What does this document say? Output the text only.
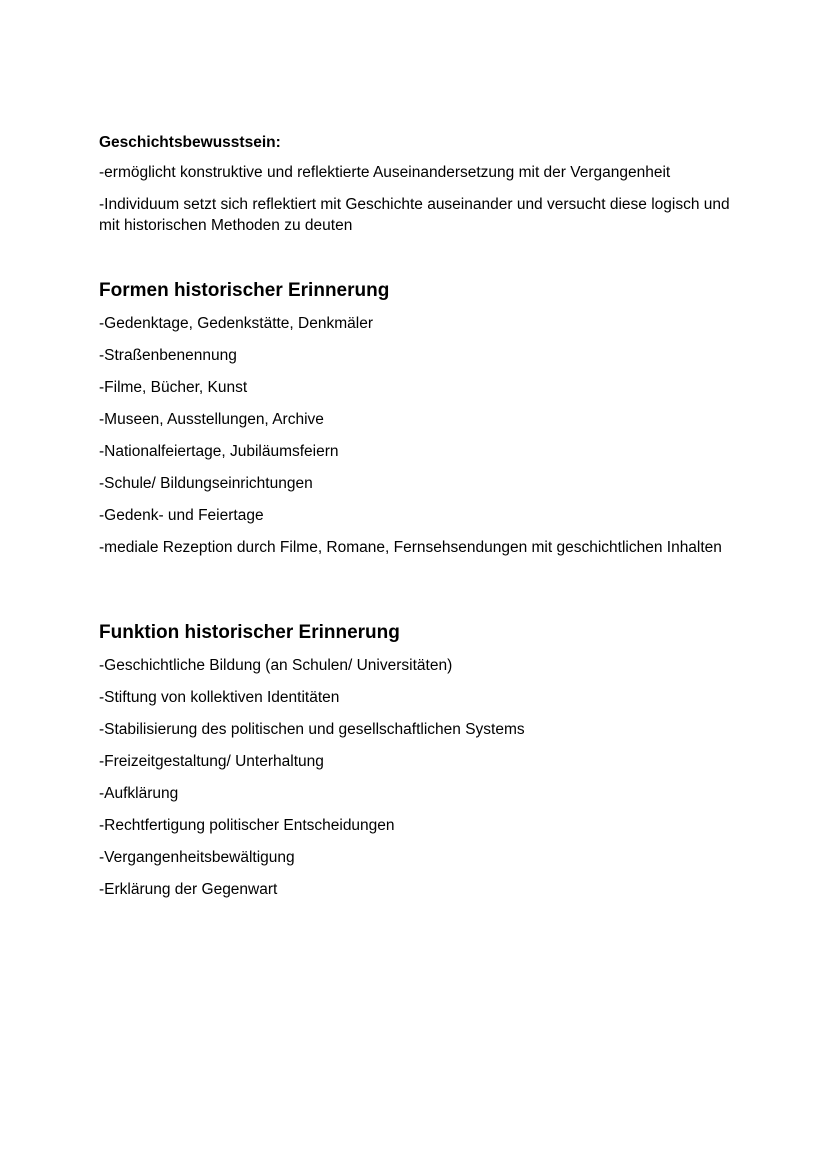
Geschichtsbewusstsein:

-ermöglicht konstruktive und reflektierte Auseinandersetzung mit der Vergangenheit

-Individuum setzt sich reflektiert mit Geschichte auseinander und versucht diese logisch und mit historischen Methoden zu deuten

Formen historischer Erinnerung
-Gedenktage, Gedenkstätte, Denkmäler
-Straßenbenennung
-Filme, Bücher, Kunst
-Museen, Ausstellungen, Archive
-Nationalfeiertage, Jubiläumsfeiern
-Schule/ Bildungseinrichtungen
-Gedenk- und Feiertage
-mediale Rezeption durch Filme, Romane, Fernsehsendungen mit geschichtlichen Inhalten
Funktion historischer Erinnerung
-Geschichtliche Bildung (an Schulen/ Universitäten)
-Stiftung von kollektiven Identitäten
-Stabilisierung des politischen und gesellschaftlichen Systems
-Freizeitgestaltung/ Unterhaltung
-Aufklärung
-Rechtfertigung politischer Entscheidungen
-Vergangenheitsbewältigung
-Erklärung der Gegenwart
